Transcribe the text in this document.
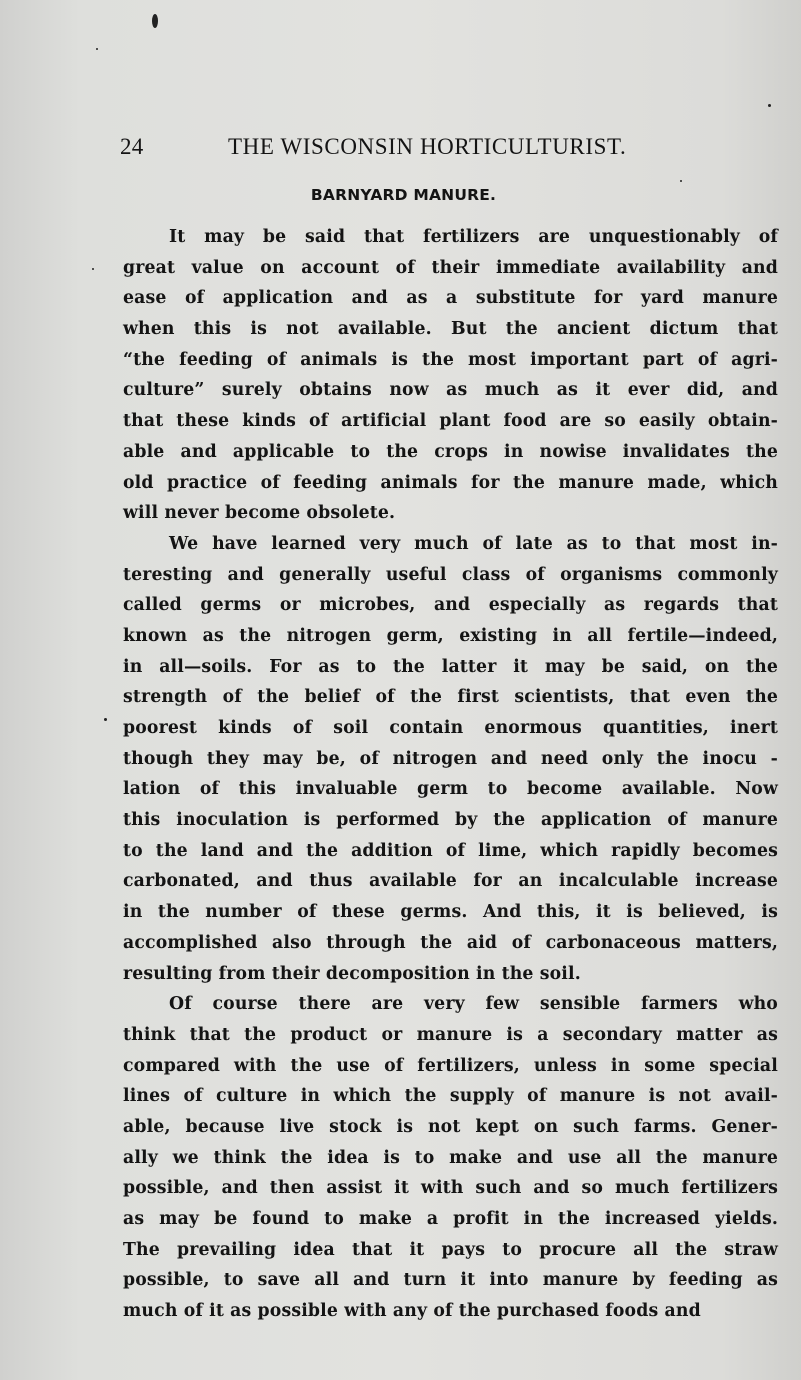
24	THE WISCONSIN HORTICULTURIST.
BARNYARD MANURE.
It may be said that fertilizers are unquestionably of
great value on account of their immediate availability and
ease of application and as a substitute for yard manure
when this is not available. But the ancient dictum that
“the feeding of animals is the most important part of agri-
culture” surely obtains now as much as it ever did, and
that these kinds of artificial plant food are so easily obtain-
able and applicable to the crops in nowise invalidates the
old practice of feeding animals for the manure made, which
will never become obsolete.
We have learned very much of late as to that most in-
teresting and generally useful class of organisms commonly
called germs or microbes, and especially as regards that
known as the nitrogen germ, existing in all fertile—indeed,
in all—soils. For as to the latter it may be said, on the
strength of the belief of the first scientists, that even the
poorest kinds of soil contain enormous quantities, inert
though they may be, of nitrogen and need only the inocu -
lation of this invaluable germ to become available. Now
this inoculation is performed by the application of manure
to the land and the addition of lime, which rapidly becomes
carbonated, and thus available for an incalculable increase
in the number of these germs. And this, it is believed, is
accomplished also through the aid of carbonaceous matters,
resulting from their decomposition in the soil.
Of course there are very few sensible farmers who
think that the product or manure is a secondary matter as
compared with the use of fertilizers, unless in some special
lines of culture in which the supply of manure is not avail-
able, because live stock is not kept on such farms. Gener-
ally we think the idea is to make and use all the manure
possible, and then assist it with such and so much fertilizers
as may be found to make a profit in the increased yields.
The prevailing idea that it pays to procure all the straw
possible, to save all and turn it into manure by feeding as
much of it as possible with any of the purchased foods and
